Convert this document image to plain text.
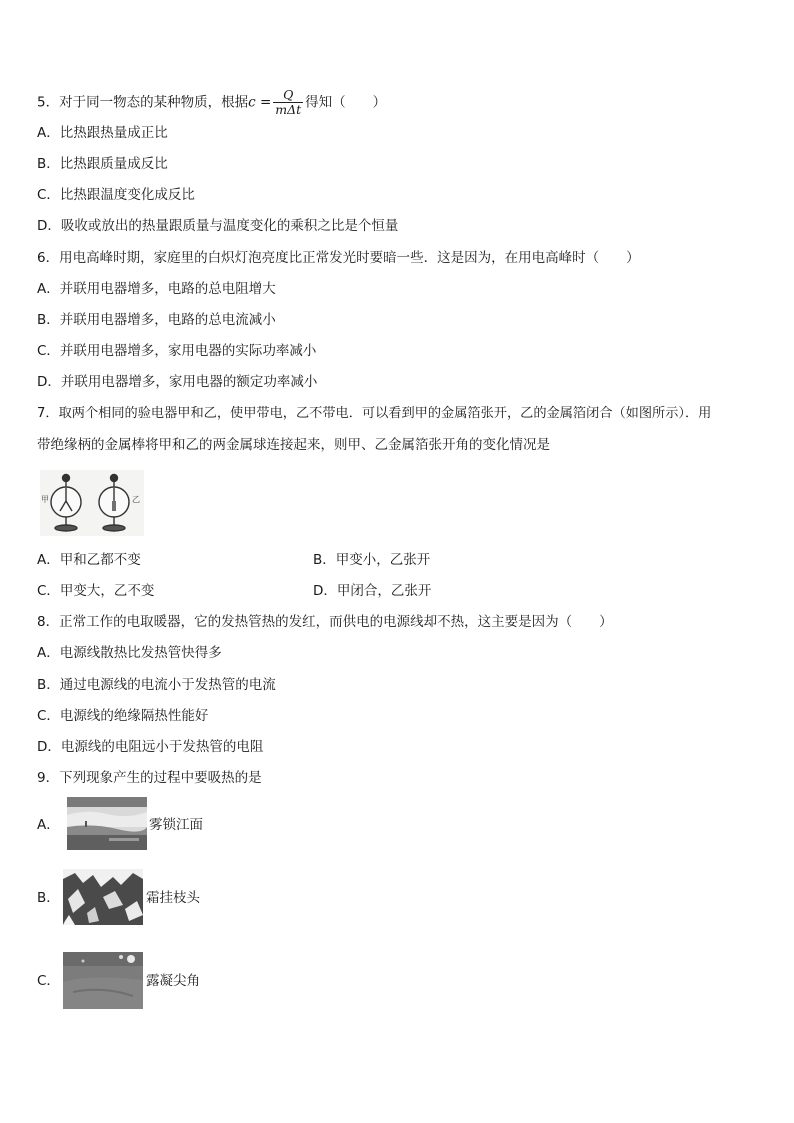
5．对于同一物态的某种物质，根据$c = \frac{Q}{\text{mΔt}}$ 得知（　　）
A．比热跟热量成正比
B．比热跟质量成反比
C．比热跟温度变化成反比
D．吸收或放出的热量跟质量与温度变化的乘积之比是个恒量
6．用电高峰时期，家庭里的白炽灯泡亮度比正常发光时要暗一些．这是因为，在用电高峰时（　　）
A．并联用电器增多，电路的总电阻增大
B．并联用电器增多，电路的总电流减小
C．并联用电器增多，家用电器的实际功率减小
D．并联用电器增多，家用电器的额定功率减小
7．取两个相同的验电器甲和乙，使甲带电，乙不带电．可以看到甲的金属箔张开，乙的金属箔闭合（如图所示）．用
带绝缘柄的金属棒将甲和乙的两金属球连接起来，则甲、乙金属箔张开角的变化情况是
甲	乙
A．甲和乙都不变	B．甲变小，乙张开
C．甲变大，乙不变	D．甲闭合，乙张开
8．正常工作的电取暖器，它的发热管热的发红，而供电的电源线却不热，这主要是因为（　　）
A．电源线散热比发热管快得多
B．通过电源线的电流小于发热管的电流
C．电源线的绝缘隔热性能好
D．电源线的电阻远小于发热管的电阻
9．下列现象产生的过程中要吸热的是
A．	雾锁江面
B．	霜挂枝头
C．	露凝尖角
